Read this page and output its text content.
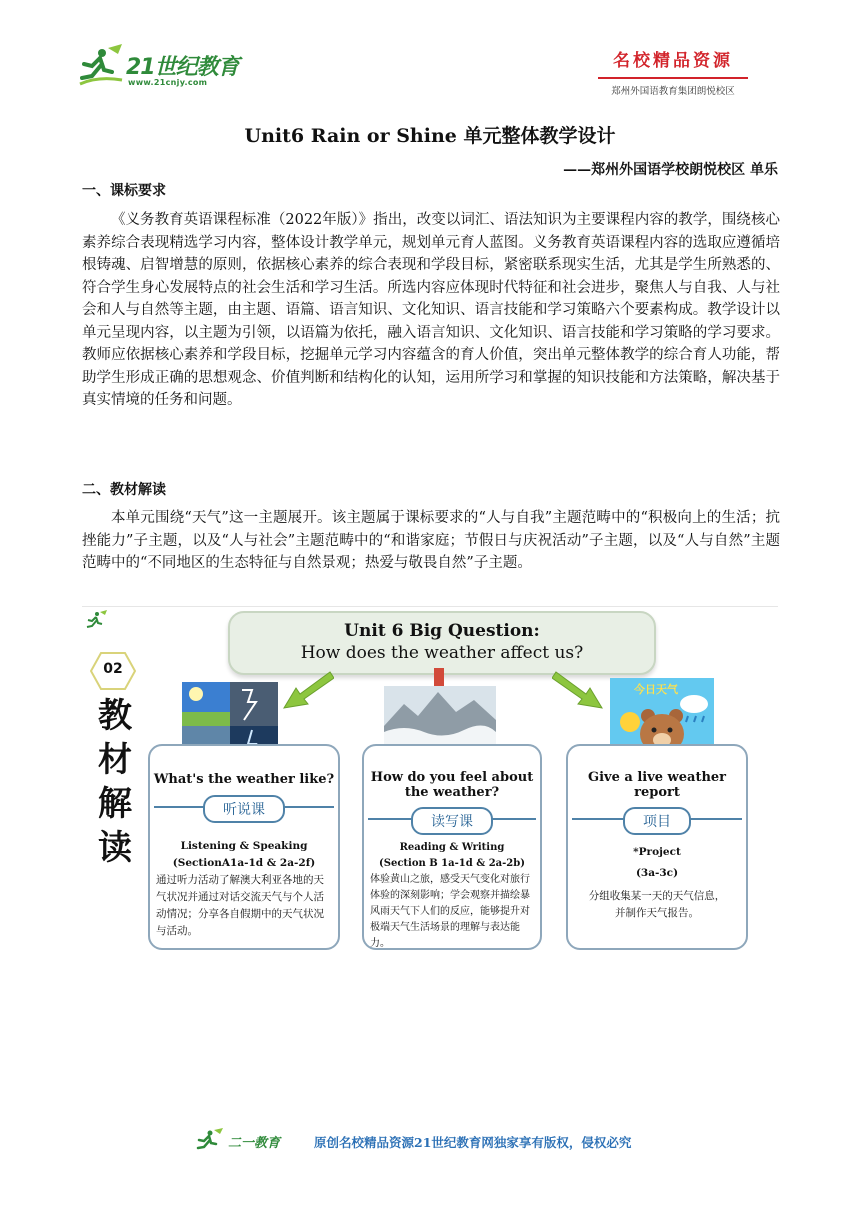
21世纪教育
www.21cnjy.com
名校精品资源
郑州外国语教育集团朗悦校区
Unit6 Rain or Shine 单元整体教学设计
——郑州外国语学校朗悦校区 单乐
一、课标要求
《义务教育英语课程标准（2022年版）》指出，改变以词汇、语法知识为主要课程内容的教学，围绕核心素养综合表现精选学习内容，整体设计教学单元，规划单元育人蓝图。义务教育英语课程内容的选取应遵循培根铸魂、启智增慧的原则，依据核心素养的综合表现和学段目标，紧密联系现实生活，尤其是学生所熟悉的、符合学生身心发展特点的社会生活和学习生活。所选内容应体现时代特征和社会进步，聚焦人与自我、人与社会和人与自然等主题，由主题、语篇、语言知识、文化知识、语言技能和学习策略六个要素构成。教学设计以单元呈现内容，以主题为引领，以语篇为依托，融入语言知识、文化知识、语言技能和学习策略的学习要求。教师应依据核心素养和学段目标，挖掘单元学习内容蕴含的育人价值，突出单元整体教学的综合育人功能，帮助学生形成正确的思想观念、价值判断和结构化的认知，运用所学习和掌握的知识技能和方法策略，解决基于真实情境的任务和问题。
二、教材解读
本单元围绕“天气”这一主题展开。该主题属于课标要求的“人与自我”主题范畴中的“积极向上的生活；抗挫能力”子主题，以及“人与社会”主题范畴中的“和谐家庭；节假日与庆祝活动”子主题，以及“人与自然”主题范畴中的“不同地区的生态特征与自然景观；热爱与敬畏自然”子主题。
02
教
材
解
读
Unit 6 Big Question:
How does the weather affect us?
今日天气
What's the weather like?
听说课
Listening & Speaking
(SectionA1a-1d & 2a-2f)
通过听力活动了解澳大利亚各地的天气状况并通过对话交流天气与个人活动情况；分享各自假期中的天气状况与活动。
How do you feel about the weather?
读写课
Reading & Writing
(Section B 1a-1d & 2a-2b)
体验黄山之旅，感受天气变化对旅行体验的深刻影响；学会观察并描绘暴风雨天气下人们的反应，能够提升对极端天气生活场景的理解与表达能力。
Give a live weather report
项目
*Project
(3a-3c)
分组收集某一天的天气信息，并制作天气报告。
二一教育	原创名校精品资源21世纪教育网独家享有版权，侵权必究
